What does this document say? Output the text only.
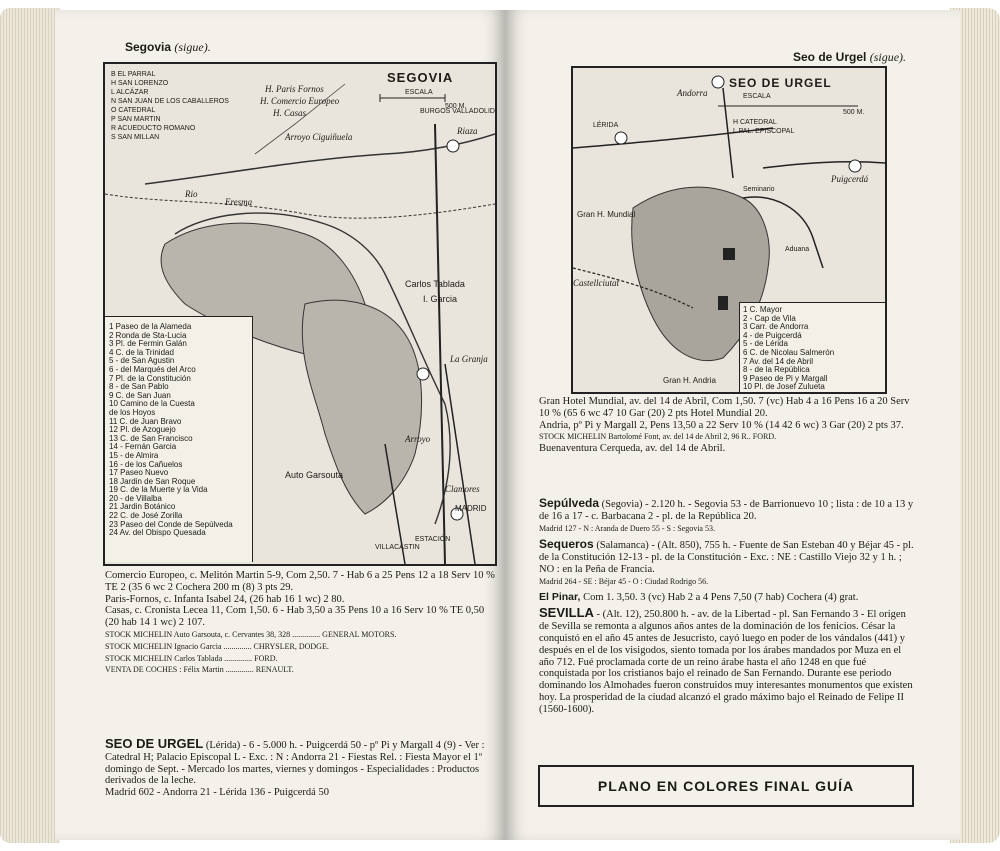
Segovia (sigue).
SEGOVIA
ESCALA
500 M.
B EL PARRAL
H SAN LORENZO
L ALCÁZAR
N SAN JUAN DE LOS CABALLEROS
O CATEDRAL
P SAN MARTIN
R ACUEDUCTO ROMANO
S SAN MILLAN
H. Paris Fornos
H. Comercio Europeo
H. Casas
Arroyo Ciguiñuela
Riaza
BURGOS VALLADOLID
Rio
Eresma
Carlos Tablada
I. Garcia
Auto Garsouta
La Granja
Clamores
MADRID
ESTACIÓN
VILLACASTIN
Arroyo
1 Paseo de la Alameda
2 Ronda de Sta-Lucia
3 Pl. de Fermin Galán
4 C. de la Trinidad
5 - de San Agustin
6 - del Marqués del Arco
7 Pl. de la Constitución
8 - de San Pablo
9 C. de San Juan
10 Camino de la Cuesta
de los Hoyos
11 C. de Juan Bravo
12 Pl. de Azoguejo
13 C. de San Francisco
14 - Fernán Garcia
15 - de Almira
16 - de los Cañuelos
17 Paseo Nuevo
18 Jardin de San Roque
19 C. de la Muerte y la Vida
20 - de Villalba
21 Jardin Botánico
22 C. de José Zorilla
23 Paseo del Conde de Sepúlveda
24 Av. del Obispo Quesada

Comercio Europeo, c. Melitón Martin 5-9, Com 2,50. 7 - Hab 6 a 25 Pens 12 a 18 Serv 10 % TE 2 (35 6 wc 2 Cochera 200 m (8) 3 pts 29.

Paris-Fornos, c. Infanta Isabel 24, (26 hab 16 1 wc) 2 80.

Casas, c. Cronista Lecea 11, Com 1,50. 6 - Hab 3,50 a 35 Pens 10 a 16 Serv 10 % TE 0,50 (20 hab 14 1 wc) 2 107.

STOCK MICHELIN Auto Garsouta, c. Cervantes 38, 328 .............. GENERAL MOTORS.

STOCK MICHELIN Ignacio Garcia .............. CHRYSLER, DODGE.

STOCK MICHELIN Carlos Tablada .............. FORD.

VENTA DE COCHES : Félix Martin .............. RENAULT.

SEO DE URGEL (Lérida) - 6 - 5.000 h. - Puigcerdá 50 - pº Pi y Margall 4 (9) - Ver : Catedral H; Palacio Episcopal L - Exc. : N : Andorra 21 - Fiestas Rel. : Fiesta Mayor el 1º domingo de Sept. - Mercado los martes, viernes y domingos - Especialidades : Productos derivados de la leche.

Madrid 602 - Andorra 21 - Lérida 136 - Puigcerdá 50

Seo de Urgel (sigue).
SEO DE URGEL
ESCALA
500 M.
H CATEDRAL
L PAL. EPISCOPAL
Andorra
LÉRIDA
Seminario
Puigcerdá
Gran H. Mundial
Aduana
Castellciutat
Gran H. Andria
1 C. Mayor
2 - Cap de Vila
3 Carr. de Andorra
4 - de Puigcerdá
5 - de Lérida
6 C. de Nicolau Salmerón
7 Av. del 14 de Abril
8 - de la República
9 Paseo de Pi y Margall
10 Pl. de Josef Zulueta

Gran Hotel Mundial, av. del 14 de Abril, Com 1,50. 7 (vc) Hab 4 a 16 Pens 16 a 20 Serv 10 % (65 6 wc 47 10 Gar (20) 2 pts Hotel Mundial 20.

Andria, pº Pi y Margall 2, Pens 13,50 a 22 Serv 10 % (14 42 6 wc) 3 Gar (20) 2 pts 37.

STOCK MICHELIN Bartolomé Font, av. del 14 de Abril 2, 96 R.. FORD.

Buenaventura Cerqueda, av. del 14 de Abril.

Sepúlveda (Segovia) - 2.120 h. - Segovia 53 - de Barrionuevo 10 ; lista : de 10 a 13 y de 16 a 17 - c. Barbacana 2 - pl. de la República 20.

Madrid 127 - N : Aranda de Duero 55 - S : Segovia 53.

Sequeros (Salamanca) - (Alt. 850), 755 h. - Fuente de San Esteban 40 y Béjar 45 - pl. de la Constitución 12-13 - pl. de la Constitución - Exc. : NE : Castillo Viejo 32 y 1 h. ; NO : en la Peña de Francia.

Madrid 264 - SE : Béjar 45 - O : Ciudad Rodrigo 56.

El Pinar, Com 1. 3,50. 3 (vc) Hab 2 a 4 Pens 7,50 (7 hab) Cochera (4) grat.

SEVILLA - (Alt. 12), 250.800 h. - av. de la Libertad - pl. San Fernando 3 - El origen de Sevilla se remonta a algunos años antes de la dominación de los fenicios. César la conquistó en el año 45 antes de Jesucristo, cayó luego en poder de los vándalos (441) y después en el de los visigodos, siento tomada por los árabes mandados por Muza en el año 712. Fué proclamada corte de un reino árabe hasta el año 1248 en que fué conquistada por los cristianos bajo el reinado de San Fernando. Durante ese periodo dominando los Almohades fueron construidos muy interesantes monumentos que existen hoy. La prosperidad de la ciudad alcanzó el grado máximo bajo el Reinado de Felipe II (1560-1600).

PLANO EN COLORES FINAL GUÍA
